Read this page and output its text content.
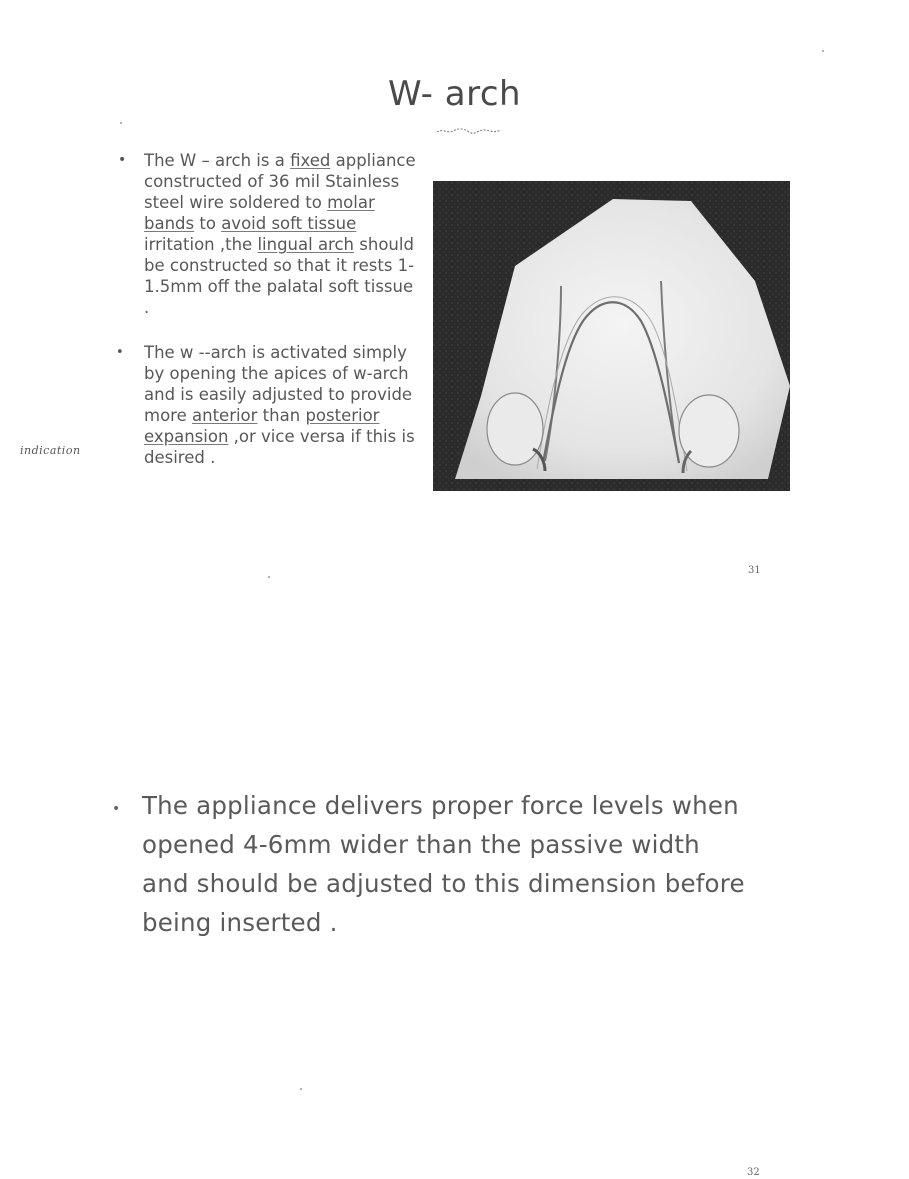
W- arch
• The W – arch is a fixed appliance constructed of 36 mil Stainless steel wire soldered to molar bands to avoid soft tissue irritation ,the lingual arch should be constructed so that it rests 1-1.5mm off the palatal soft tissue .
• The w --arch is activated simply by opening the apices of w-arch and is easily adjusted to provide more anterior than posterior expansion ,or vice versa if this is desired .
indication
31
• The appliance delivers proper force levels when opened 4-6mm wider than the passive width and should be adjusted to this dimension before being inserted .
32
